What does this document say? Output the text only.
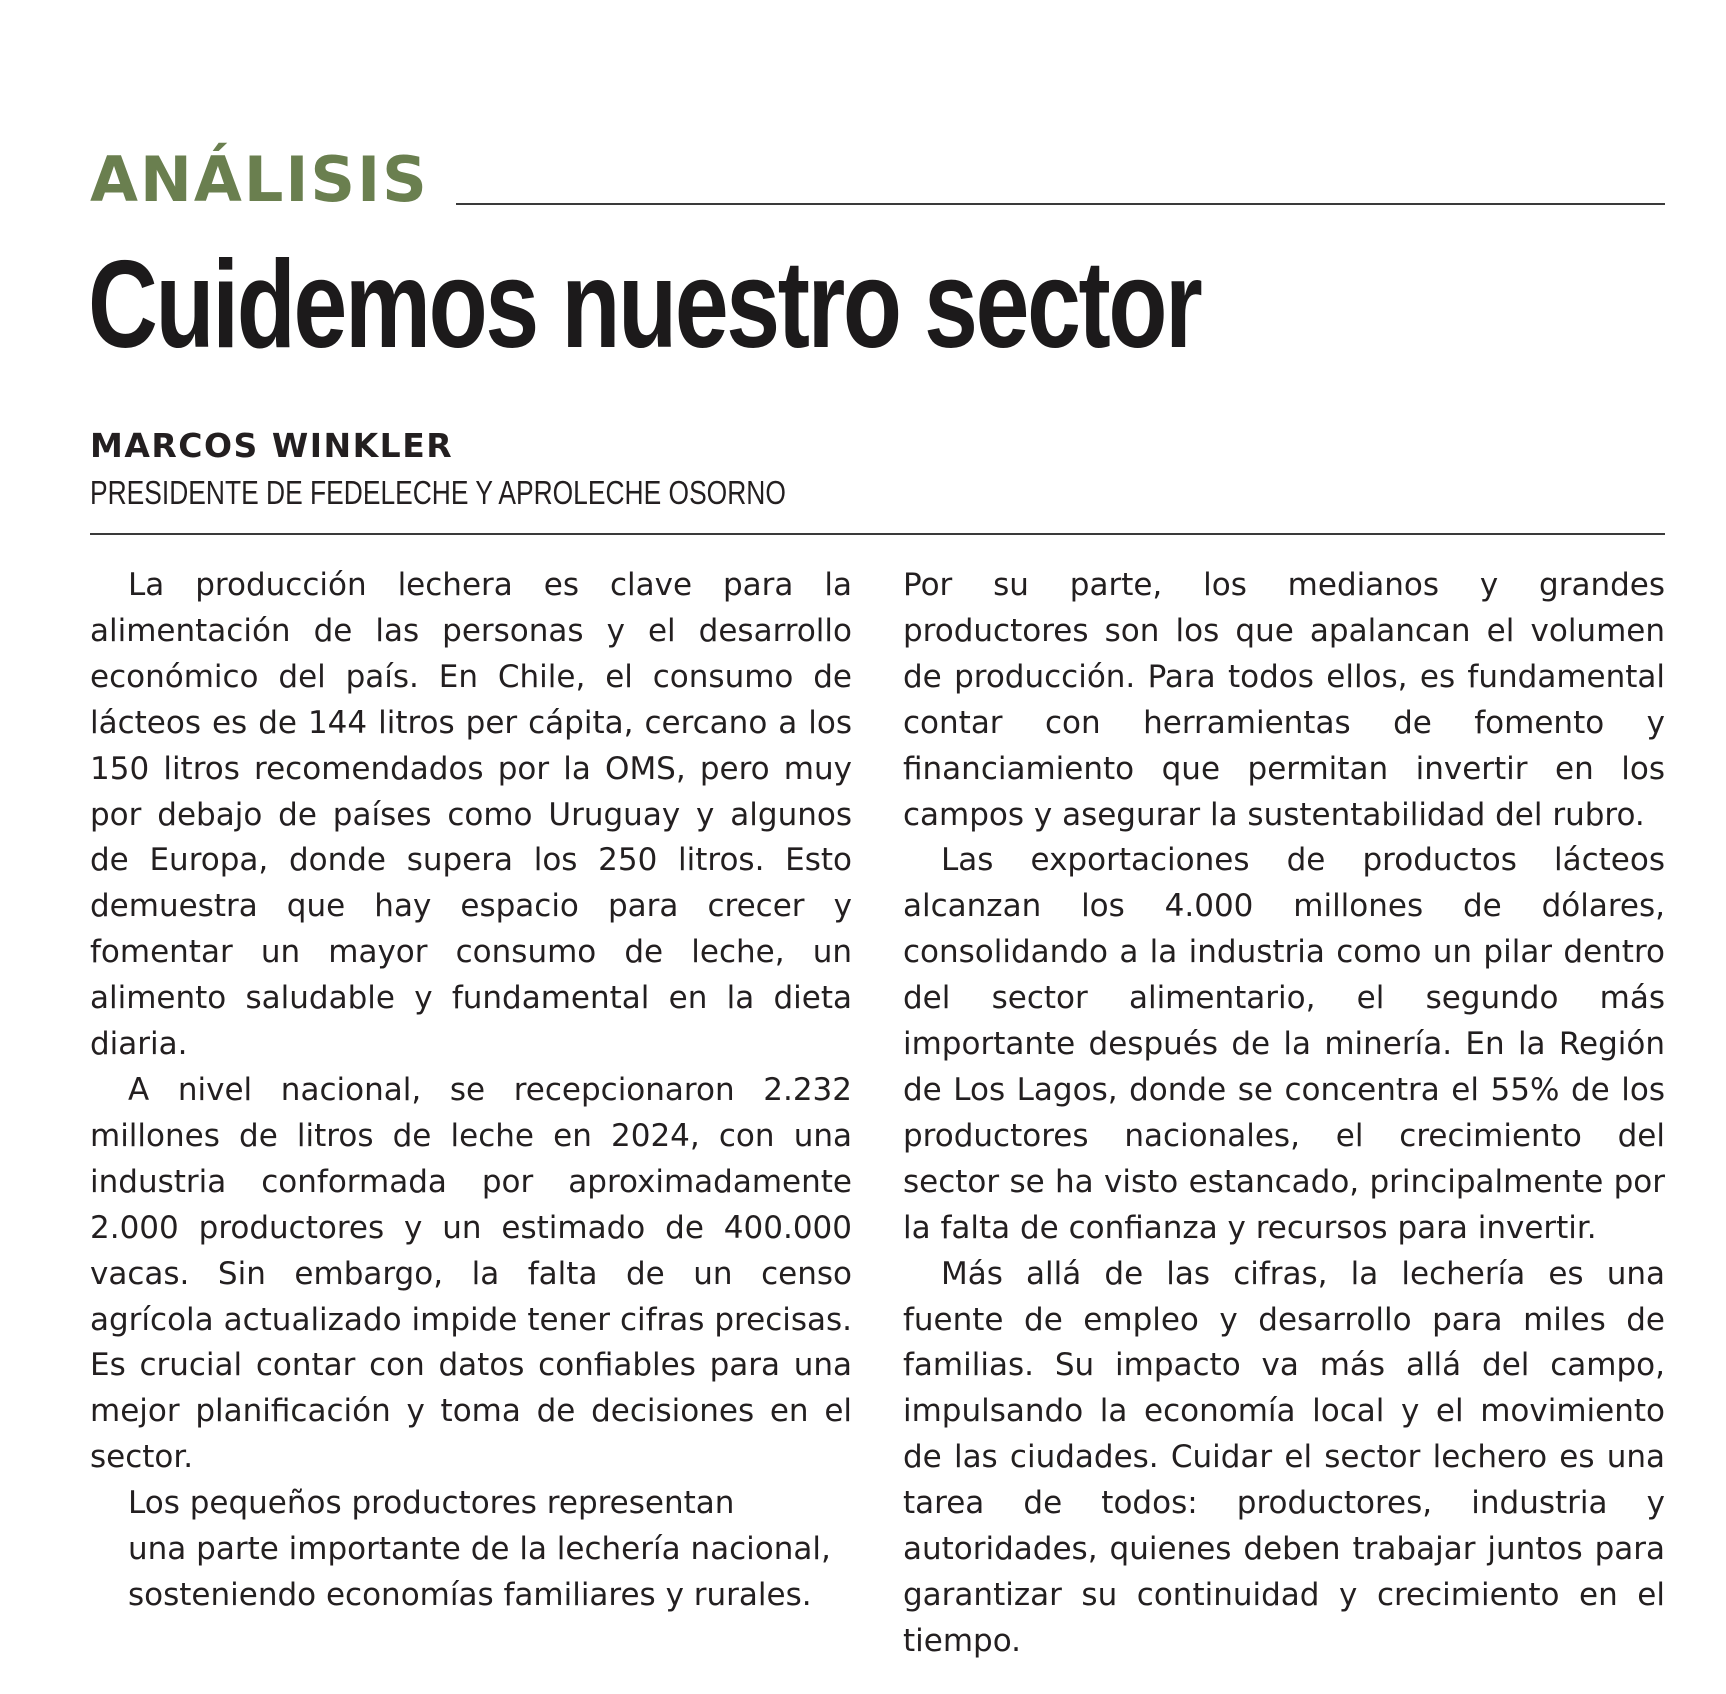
ANÁLISIS
Cuidemos nuestro sector
MARCOS WINKLER
PRESIDENTE DE FEDELECHE Y APROLECHE OSORNO

La producción lechera es clave para la alimentación de las personas y el desarrollo económico del país. En Chile, el consumo de lácteos es de 144 litros per cápita, cercano a los 150 litros recomendados por la OMS, pero muy por debajo de países como Uruguay y algunos de Europa, donde supera los 250 litros. Esto demuestra que hay espacio para crecer y fomentar un mayor consumo de leche, un alimento saludable y fundamental en la dieta diaria.

A nivel nacional, se recepcionaron 2.232 millones de litros de leche en 2024, con una industria conformada por aproximadamente 2.000 productores y un estimado de 400.000 vacas. Sin embargo, la falta de un censo agrícola actualizado impide tener cifras precisas. Es crucial contar con datos confiables para una mejor planificación y toma de decisiones en el sector.

Los pequeños productores representan
una parte importante de la lechería nacional,
sosteniendo economías familiares y rurales.

Por su parte, los medianos y grandes productores son los que apalancan el volumen de producción. Para todos ellos, es fundamental contar con herramientas de fomento y financiamiento que permitan invertir en los campos y asegurar la sustentabilidad del rubro.

Las exportaciones de productos lácteos alcanzan los 4.000 millones de dólares, consolidando a la industria como un pilar dentro del sector alimentario, el segundo más importante después de la minería. En la Región de Los Lagos, donde se concentra el 55% de los productores nacionales, el crecimiento del sector se ha visto estancado, principalmente por la falta de confianza y recursos para invertir.

Más allá de las cifras, la lechería es una fuente de empleo y desarrollo para miles de familias. Su impacto va más allá del campo, impulsando la economía local y el movimiento de las ciudades. Cuidar el sector lechero es una tarea de todos: productores, industria y autoridades, quienes deben trabajar juntos para garantizar su continuidad y crecimiento en el tiempo.
